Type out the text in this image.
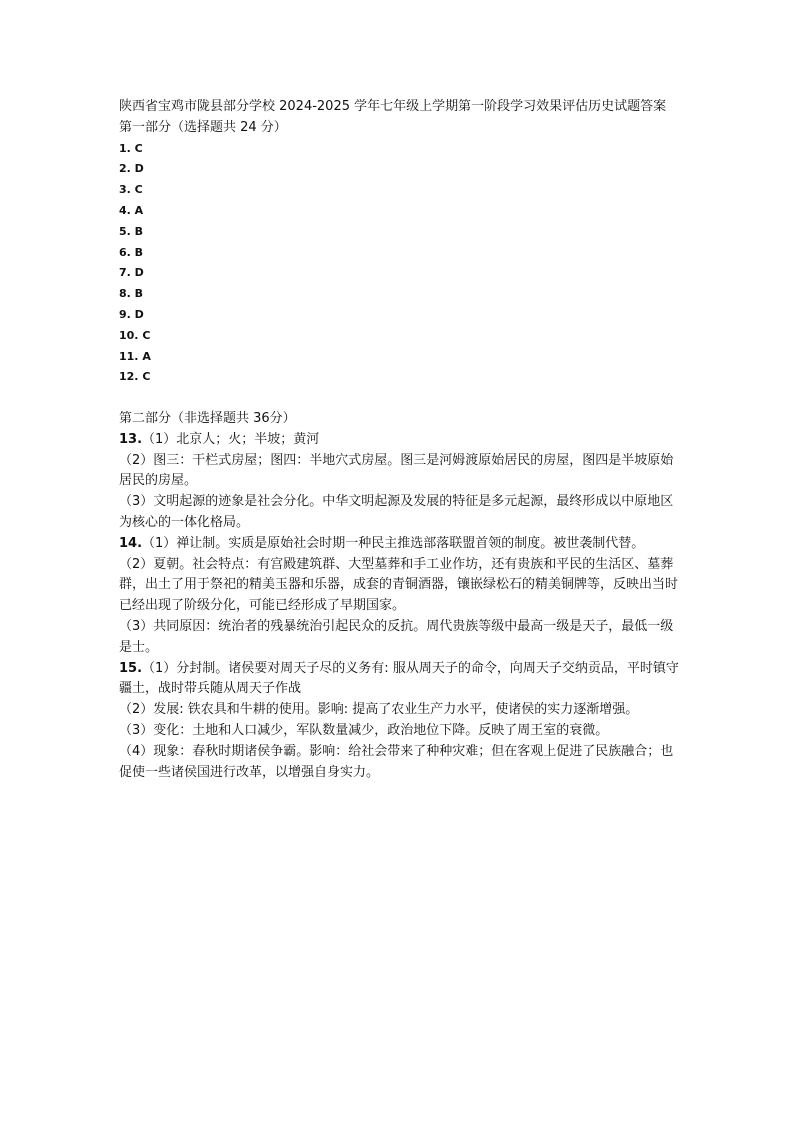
陕西省宝鸡市陇县部分学校 2024-2025 学年七年级上学期第一阶段学习效果评估历史试题答案
第一部分（选择题共 24 分）
1. C
2. D
3. C
4. A
5. B
6. B
7. D
8. B
9. D
10. C
11. A
12. C
第二部分（非选择题共 36分）
13.（1）北京人；火；半坡；黄河
（2）图三：干栏式房屋；图四：半地穴式房屋。图三是河姆渡原始居民的房屋，图四是半坡原始居民的房屋。
（3）文明起源的迹象是社会分化。中华文明起源及发展的特征是多元起源，最终形成以中原地区为核心的一体化格局。
14.（1）禅让制。实质是原始社会时期一种民主推选部落联盟首领的制度。被世袭制代替。
（2）夏朝。社会特点：有宫殿建筑群、大型墓葬和手工业作坊，还有贵族和平民的生活区、墓葬群，出土了用于祭祀的精美玉器和乐器，成套的青铜酒器，镶嵌绿松石的精美铜牌等，反映出当时已经出现了阶级分化，可能已经形成了早期国家。
（3）共同原因：统治者的残暴统治引起民众的反抗。周代贵族等级中最高一级是天子，最低一级是士。
15.（1）分封制。诸侯要对周天子尽的义务有: 服从周天子的命令，向周天子交纳贡品，平时镇守疆土，战时带兵随从周天子作战
（2）发展: 铁农具和牛耕的使用。影响: 提高了农业生产力水平，使诸侯的实力逐渐增强。
（3）变化：土地和人口减少，军队数量减少，政治地位下降。反映了周王室的衰微。
（4）现象：春秋时期诸侯争霸。影响：给社会带来了种种灾难；但在客观上促进了民族融合；也促使一些诸侯国进行改革，以增强自身实力。
